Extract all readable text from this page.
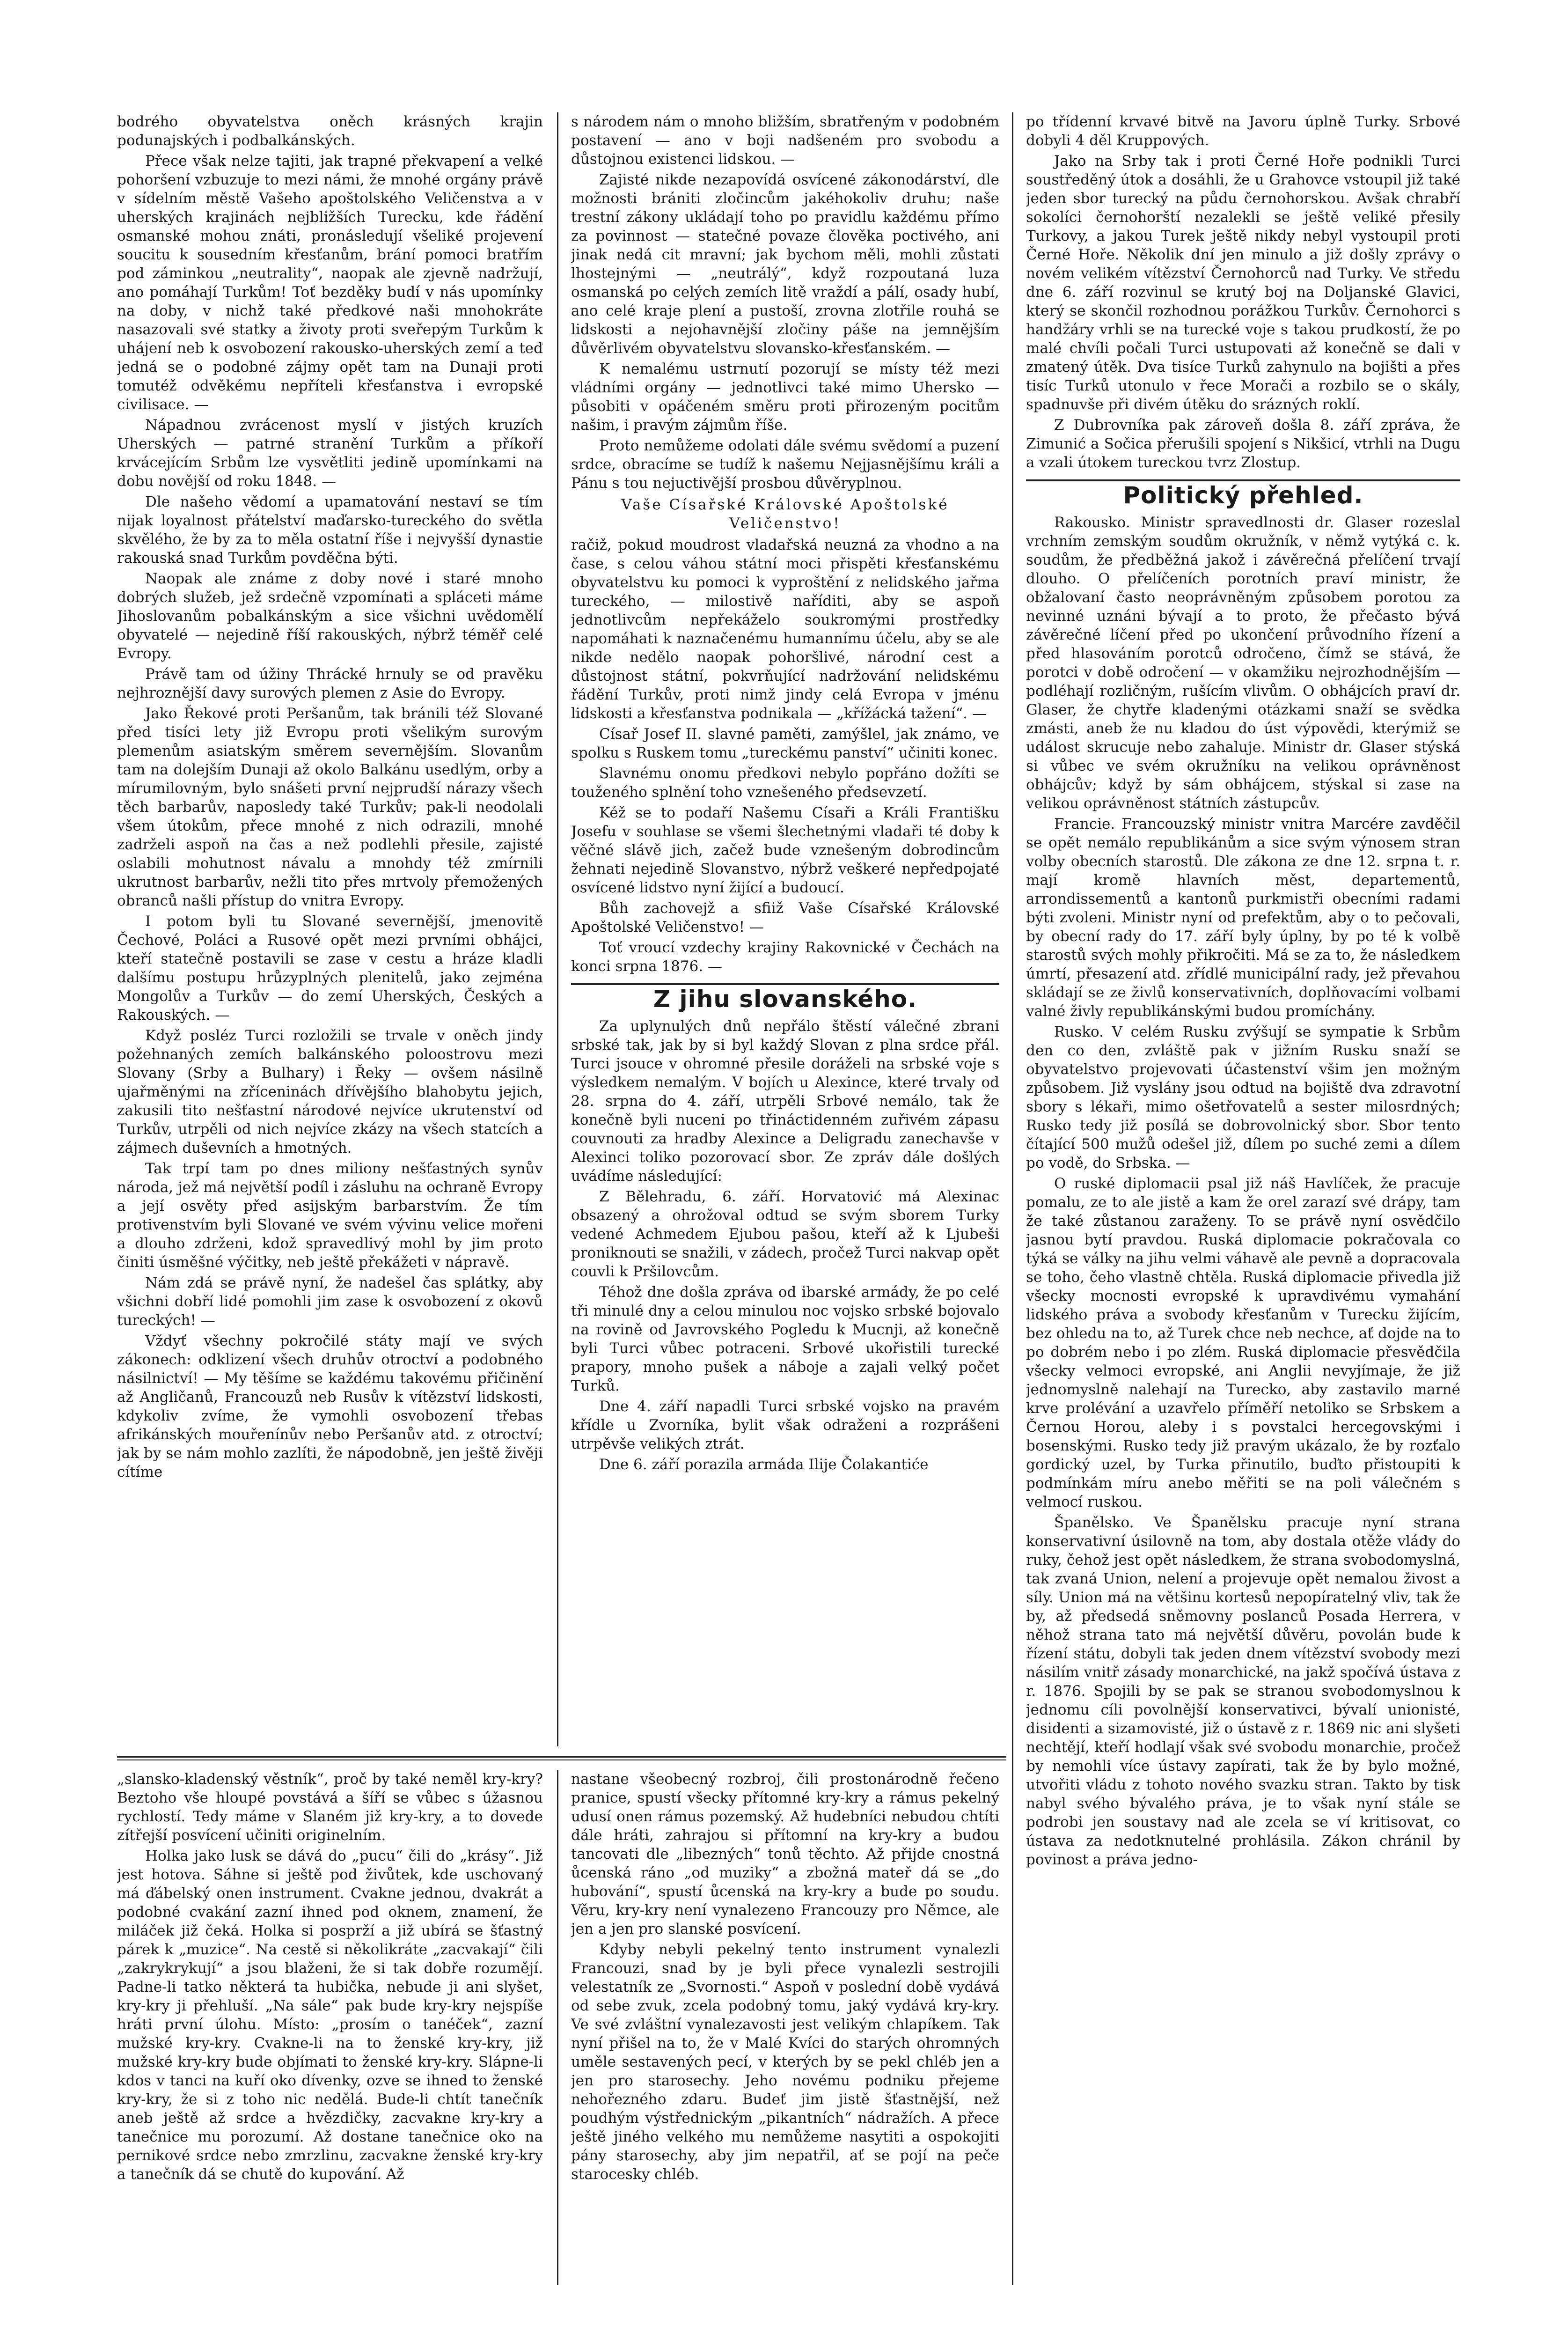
bodrého obyvatelstva oněch krásných krajin podunajských i podbalkánských.

Přece však nelze tajiti, jak trapné překvapení a velké pohoršení vzbuzuje to mezi námi, že mnohé orgány právě v sídelním městě Vašeho apoštolského Veličenstva a v uherských krajinách nejbližších Turecku, kde řádění osmanské mohou znáti, pronásledují všeliké projevení soucitu k sousedním křesťanům, brání pomoci bratřím pod záminkou „neutrality“, naopak ale zjevně nadržují, ano pomáhají Turkům! Toť bezděky budí v nás upomínky na doby, v nichž také předkové naši mnohokráte nasazovali své statky a životy proti sveřepým Turkům k uhájení neb k osvobození rakousko-uherských zemí a teď jedná se o podobné zájmy opět tam na Dunaji proti tomutéž odvěkému nepříteli křesťanstva i evropské civilisace. —

Nápadnou zvrácenost myslí v jistých kruzích Uherských — patrné stranění Turkům a příkoří krvácejícím Srbům lze vysvětliti jedině upomínkami na dobu novější od roku 1848. —

Dle našeho vědomí a upamatování nestaví se tím nijak loyalnost přátelství maďarsko-tureckého do světla skvělého, že by za to měla ostatní říše i nejvyšší dynastie rakouská snad Turkům povděčna býti.

Naopak ale známe z doby nové i staré mnoho dobrých služeb, jež srdečně vzpomínati a spláceti máme Jihoslovanům pobalkánským a sice všichni uvědomělí obyvatelé — nejedině říší rakouských, nýbrž téměř celé Evropy.

Právě tam od úžiny Thrácké hrnuly se od pravěku nejhroznější davy surových plemen z Asie do Evropy.

Jako Řekové proti Peršanům, tak bránili též Slované před tisíci lety již Evropu proti všelikým surovým plemenům asiatským směrem severnějším. Slovanům tam na dolejším Dunaji až okolo Balkánu usedlým, orby a mírumilovným, bylo snášeti první nejprudší nárazy všech těch barbarův, naposledy také Turkův; pak-li neodolali všem útokům, přece mnohé z nich odrazili, mnohé zadrželi aspoň na čas a než podlehli přesile, zajisté oslabili mohutnost návalu a mnohdy též zmírnili ukrutnost barbarův, nežli tito přes mrtvoly přemožených obranců našli přístup do vnitra Evropy.

I potom byli tu Slované severnější, jmenovitě Čechové, Poláci a Rusové opět mezi prvními obhájci, kteří statečně postavili se zase v cestu a hráze kladli dalšímu postupu hrůzyplných plenitelů, jako zejména Mongolův a Turkův — do zemí Uherských, Českých a Rakouských. —

Když posléz Turci rozložili se trvale v oněch jindy požehnaných zemích balkánského poloostrovu mezi Slovany (Srby a Bulhary) i Řeky — ovšem násilně ujařměnými na zříceninách dřívějšího blahobytu jejich, zakusili tito nešťastní národové nejvíce ukrutenství od Turkův, utrpěli od nich nejvíce zkázy na všech statcích a zájmech duševních a hmotných.

Tak trpí tam po dnes miliony nešťastných synův národa, jež má největší podíl i zásluhu na ochraně Evropy a její osvěty před asijským barbarstvím. Že tím protivenstvím byli Slované ve svém vývinu velice mořeni a dlouho zdrženi, kdož spravedlivý mohl by jim proto činiti úsměšné výčitky, neb ještě překážeti v nápravě.

Nám zdá se právě nyní, že nadešel čas splátky, aby všichni dobří lidé pomohli jim zase k osvobození z okovů tureckých! —

Vždyť všechny pokročilé státy mají ve svých zákonech: odklizení všech druhův otroctví a podobného násilnictví! — My těšíme se každému takovému přičinění až Angličanů, Francouzů neb Rusův k vítězství lidskosti, kdykoliv zvíme, že vymohli osvobození třebas afrikánských mouřenínův nebo Peršanův atd. z otroctví; jak by se nám mohlo zazlíti, že nápodobně, jen ještě živěji cítíme

s národem nám o mnoho bližším, sbratřeným v podobném postavení — ano v boji nadšeném pro svobodu a důstojnou existenci lidskou. —

Zajisté nikde nezapovídá osvícené zákonodárství, dle možnosti brániti zločincům jakéhokoliv druhu; naše trestní zákony ukládají toho po pravidlu každému přímo za povinnost — statečné povaze člověka poctivého, ani jinak nedá cit mravní; jak bychom měli, mohli zůstati lhostejnými — „neutrálý“, když rozpoutaná luza osmanská po celých zemích litě vraždí a pálí, osady hubí, ano celé kraje plení a pustoší, zrovna zlotřile rouhá se lidskosti a nejohavnější zločiny páše na jemnějším důvěrlivém obyvatelstvu slovansko-křesťanském. —

K nemalému ustrnutí pozorují se místy též mezi vládními orgány — jednotlivci také mimo Uhersko — působiti v opáčeném směru proti přirozeným pocitům našim, i pravým zájmům říše.

Proto nemůžeme odolati dále svému svědomí a puzení srdce, obracíme se tudíž k našemu Nejjasnějšímu králi a Pánu s tou nejuctivější prosbou důvěryplnou.

Vaše Císařské Královské Apoštolské Veličenstvo!

račiž, pokud moudrost vladařská neuzná za vhodno a na čase, s celou váhou státní moci přispěti křesťanskému obyvatelstvu ku pomoci k vyproštění z nelidského jařma tureckého, — milostivě naříditi, aby se aspoň jednotlivcům nepřekáželo soukromými prostředky napomáhati k naznačenému humannímu účelu, aby se ale nikde nedělo naopak pohoršlivé, národní cest a důstojnost státní, pokvrňující nadržování nelidskému řádění Turkův, proti nimž jindy celá Evropa v jménu lidskosti a křesťanstva podnikala — „křížácká tažení“. —

Císař Josef II. slavné paměti, zamýšlel, jak známo, ve spolku s Ruskem tomu „tureckému panství“ učiniti konec.

Slavnému onomu předkovi nebylo popřáno dožíti se touženého splnění toho vznešeného předsevzetí.

Kéž se to podaří Našemu Císaři a Králi Františku Josefu v souhlase se všemi šlechetnými vladaři té doby k věčné slávě jich, začež bude vznešeným dobrodincům žehnati nejedině Slovanstvo, nýbrž veškeré nepředpojaté osvícené lidstvo nyní žijící a budoucí.

Bůh zachovejž a sfiiž Vaše Císařské Královské Apoštolské Veličenstvo! —

Toť vroucí vzdechy krajiny Rakovnické v Čechách na konci srpna 1876. —

Z jihu slovanského.

Za uplynulých dnů nepřálo štěstí válečné zbrani srbské tak, jak by si byl každý Slovan z plna srdce přál. Turci jsouce v ohromné přesile doráželi na srbské voje s výsledkem nemalým. V bojích u Alexince, které trvaly od 28. srpna do 4. září, utrpěli Srbové nemálo, tak že konečně byli nuceni po třináctidenném zuřivém zápasu couvnouti za hradby Alexince a Deligradu zanechavše v Alexinci toliko pozorovací sbor. Ze zpráv dále došlých uvádíme následující:

Z Bělehradu, 6. září. Horvatović má Alexinac obsazený a ohrožoval odtud se svým sborem Turky vedené Achmedem Ejubou pašou, kteří až k Ljubeši proniknouti se snažili, v zádech, pročež Turci nakvap opět couvli k Pršilovcům.

Téhož dne došla zpráva od ibarské armády, že po celé tři minulé dny a celou minulou noc vojsko srbské bojovalo na rovině od Javrovského Pogledu k Mucnji, až konečně byli Turci vůbec potraceni. Srbové ukořistili turecké prapory, mnoho pušek a náboje a zajali velký počet Turků.

Dne 4. září napadli Turci srbské vojsko na pravém křídle u Zvorníka, bylit však odraženi a rozprášeni utrpěvše velikých ztrát.

Dne 6. září porazila armáda Ilije Čolakantiće

po třídenní krvavé bitvě na Javoru úplně Turky. Srbové dobyli 4 děl Kruppových.

Jako na Srby tak i proti Černé Hoře podnikli Turci soustředěný útok a dosáhli, že u Grahovce vstoupil již také jeden sbor turecký na půdu černohorskou. Avšak chrabří sokolíci černohorští nezalekli se ještě veliké přesily Turkovy, a jakou Turek ještě nikdy nebyl vystoupil proti Černé Hoře. Několik dní jen minulo a již došly zprávy o novém velikém vítězství Černohorců nad Turky. Ve středu dne 6. září rozvinul se krutý boj na Doljanské Glavici, který se skončil rozhodnou porážkou Turkův. Černohorci s handžáry vrhli se na turecké voje s takou prudkostí, že po malé chvíli počali Turci ustupovati až konečně se dali v zmatený útěk. Dva tisíce Turků zahynulo na bojišti a přes tisíc Turků utonulo v řece Morači a rozbilo se o skály, spadnuvše při divém útěku do srázných roklí.

Z Dubrovníka pak zároveň došla 8. září zpráva, že Zimunić a Sočica přerušili spojení s Nikšicí, vtrhli na Dugu a vzali útokem tureckou tvrz Zlostup.

Politický přehled.

Rakousko. Ministr spravedlnosti dr. Glaser rozeslal vrchním zemským soudům okružník, v němž vytýká c. k. soudům, že předběžná jakož i závěrečná přelíčení trvají dlouho. O přelíčeních porotních praví ministr, že obžalovaní často neoprávněným způsobem porotou za nevinné uznáni bývají a to proto, že přečasto bývá závěrečné líčení před po ukončení průvodního řízení a před hlasováním porotců odročeno, čímž se stává, že porotci v době odročení — v okamžiku nejrozhodnějším — podléhají rozličným, rušícím vlivům. O obhájcích praví dr. Glaser, že chytře kladenými otázkami snaží se svědka zmásti, aneb že nu kladou do úst výpovědi, kterýmiž se událost skrucuje nebo zahaluje. Ministr dr. Glaser stýská si vůbec ve svém okružníku na velikou oprávněnost obhájcův; když by sám obhájcem, stýskal si zase na velikou oprávněnost státních zástupcův.

Francie. Francouzský ministr vnitra Marcére zavděčil se opět nemálo republikánům a sice svým výnosem stran volby obecních starostů. Dle zákona ze dne 12. srpna t. r. mají kromě hlavních měst, departementů, arrondissementů a kantonů purkmistři obecními radami býti zvoleni. Ministr nyní od prefektům, aby o to pečovali, by obecní rady do 17. září byly úplny, by po té k volbě starostů svých mohly přikročiti. Má se za to, že následkem úmrtí, přesazení atd. zřídlé municipální rady, jež převahou skládají se ze živlů konservativních, doplňovacími volbami valné živly republikánskými budou promíchány.

Rusko. V celém Rusku zvýšují se sympatie k Srbům den co den, zvláště pak v jižním Rusku snaží se obyvatelstvo projevovati účastenství všim jen možným způsobem. Již vyslány jsou odtud na bojiště dva zdravotní sbory s lékaři, mimo ošetřovatelů a sester milosrdných; Rusko tedy již posílá se dobrovolnický sbor. Sbor tento čítající 500 mužů odešel již, dílem po suché zemi a dílem po vodě, do Srbska. —

O ruské diplomacii psal již náš Havlíček, že pracuje pomalu, ze to ale jistě a kam že orel zarazí své drápy, tam že také zůstanou zaraženy. To se právě nyní osvědčilo jasnou bytí pravdou. Ruská diplomacie pokračovala co týká se války na jihu velmi váhavě ale pevně a dopracovala se toho, čeho vlastně chtěla. Ruská diplomacie přivedla již všecky mocnosti evropské k upravdivému vymahání lidského práva a svobody křesťanům v Turecku žijícím, bez ohledu na to, až Turek chce neb nechce, ať dojde na to po dobrém nebo i po zlém. Ruská diplomacie přesvědčila všecky velmoci evropské, ani Anglii nevyjímaje, že již jednomyslně nalehají na Turecko, aby zastavilo marné krve prolévání a uzavřelo příměří netoliko se Srbskem a Černou Horou, aleby i s povstalci hercegovskými i bosenskými. Rusko tedy již pravým ukázalo, že by rozťalo gordický uzel, by Turka přinutilo, buďto přistoupiti k podmínkám míru anebo měřiti se na poli válečném s velmocí ruskou.

Španělsko. Ve Španělsku pracuje nyní strana konservativní úsilovně na tom, aby dostala otěže vlády do ruky, čehož jest opět následkem, že strana svobodomyslná, tak zvaná Union, nelení a projevuje opět nemalou živost a síly. Union má na většinu kortesů nepopíratelný vliv, tak že by, až předsedá sněmovny poslanců Posada Herrera, v něhož strana tato má největší důvěru, povolán bude k řízení státu, dobyli tak jeden dnem vítězství svobody mezi násilím vnitř zásady monarchické, na jakž spočívá ústava z r. 1876. Spojili by se pak se stranou svobodomyslnou k jednomu cíli povolnější konservativci, bývalí unionisté, disidenti a sizamovisté, již o ústavě z r. 1869 nic ani slyšeti nechtějí, kteří hodlají však své svobodu monarchie, pročež by nemohli více ústavy zapírati, tak že by bylo možné, utvořiti vládu z tohoto nového svazku stran. Takto by tisk nabyl svého bývalého práva, je to však nyní stále se podrobi jen soustavy nad ale zcela se ví kritisovat, co ústava za nedotknutelné prohlásila. Zákon chránil by povinost a práva jedno-

„slansko-kladenský věstník“, proč by také neměl kry-kry? Beztoho vše hloupé povstává a šíří se vůbec s úžasnou rychlostí. Tedy máme v Slaném již kry-kry, a to dovede zítřejší posvícení učiniti originelním.

Holka jako lusk se dává do „pucu“ čili do „krásy“. Již jest hotova. Sáhne si ještě pod živůtek, kde uschovaný má ďábelský onen instrument. Cvakne jednou, dvakrát a podobné cvakání zazní ihned pod oknem, znamení, že miláček již čeká. Holka si posprží a již ubírá se šťastný párek k „muzice“. Na cestě si několikráte „zacvakají“ čili „zakrykrykují“ a jsou blaženi, že si tak dobře rozumějí. Padne-li tatko některá ta hubička, nebude ji ani slyšet, kry-kry ji přehluší. „Na sále“ pak bude kry-kry nejspíše hráti první úlohu. Místo: „prosím o tanéček“, zazní mužské kry-kry. Cvakne-li na to ženské kry-kry, již mužské kry-kry bude objímati to ženské kry-kry. Slápne-li kdos v tanci na kuří oko dívenky, ozve se ihned to ženské kry-kry, že si z toho nic nedělá. Bude-li chtít tanečník aneb ještě až srdce a hvězdičky, zacvakne kry-kry a tanečnice mu porozumí. Až dostane tanečnice oko na pernikové srdce nebo zmrzlinu, zacvakne ženské kry-kry a tanečník dá se chutě do kupování. Až

nastane všeobecný rozbroj, čili prostonárodně řečeno pranice, spustí všecky přítomné kry-kry a rámus pekelný udusí onen rámus pozemský. Až hudebníci nebudou chtíti dále hráti, zahrajou si přítomní na kry-kry a budou tancovati dle „libezných“ tonů těchto. Až přijde cnostná ůcenská ráno „od muziky“ a zbožná mateř dá se „do hubování“, spustí ůcenská na kry-kry a bude po soudu. Věru, kry-kry není vynalezeno Francouzy pro Němce, ale jen a jen pro slanské posvícení.

Kdyby nebyli pekelný tento instrument vynalezli Francouzi, snad by je byli přece vynalezli sestrojili velestatník ze „Svornosti.“ Aspoň v poslední době vydává od sebe zvuk, zcela podobný tomu, jaký vydává kry-kry. Ve své zvláštní vynalezavosti jest velikým chlapíkem. Tak nyní přišel na to, že v Malé Kvíci do starých ohromných uměle sestavených pecí, v kterých by se pekl chléb jen a jen pro starosechy. Jeho novému podniku přejeme nehořezného zdaru. Budeť jim jistě šťastnější, než poudhým výstřednickým „pikantních“ nádražích. A přece ještě jiného velkého mu nemůžeme nasytiti a ospokojiti pány starosechy, aby jim nepatřil, ať se pojí na peče starocesky chléb.
